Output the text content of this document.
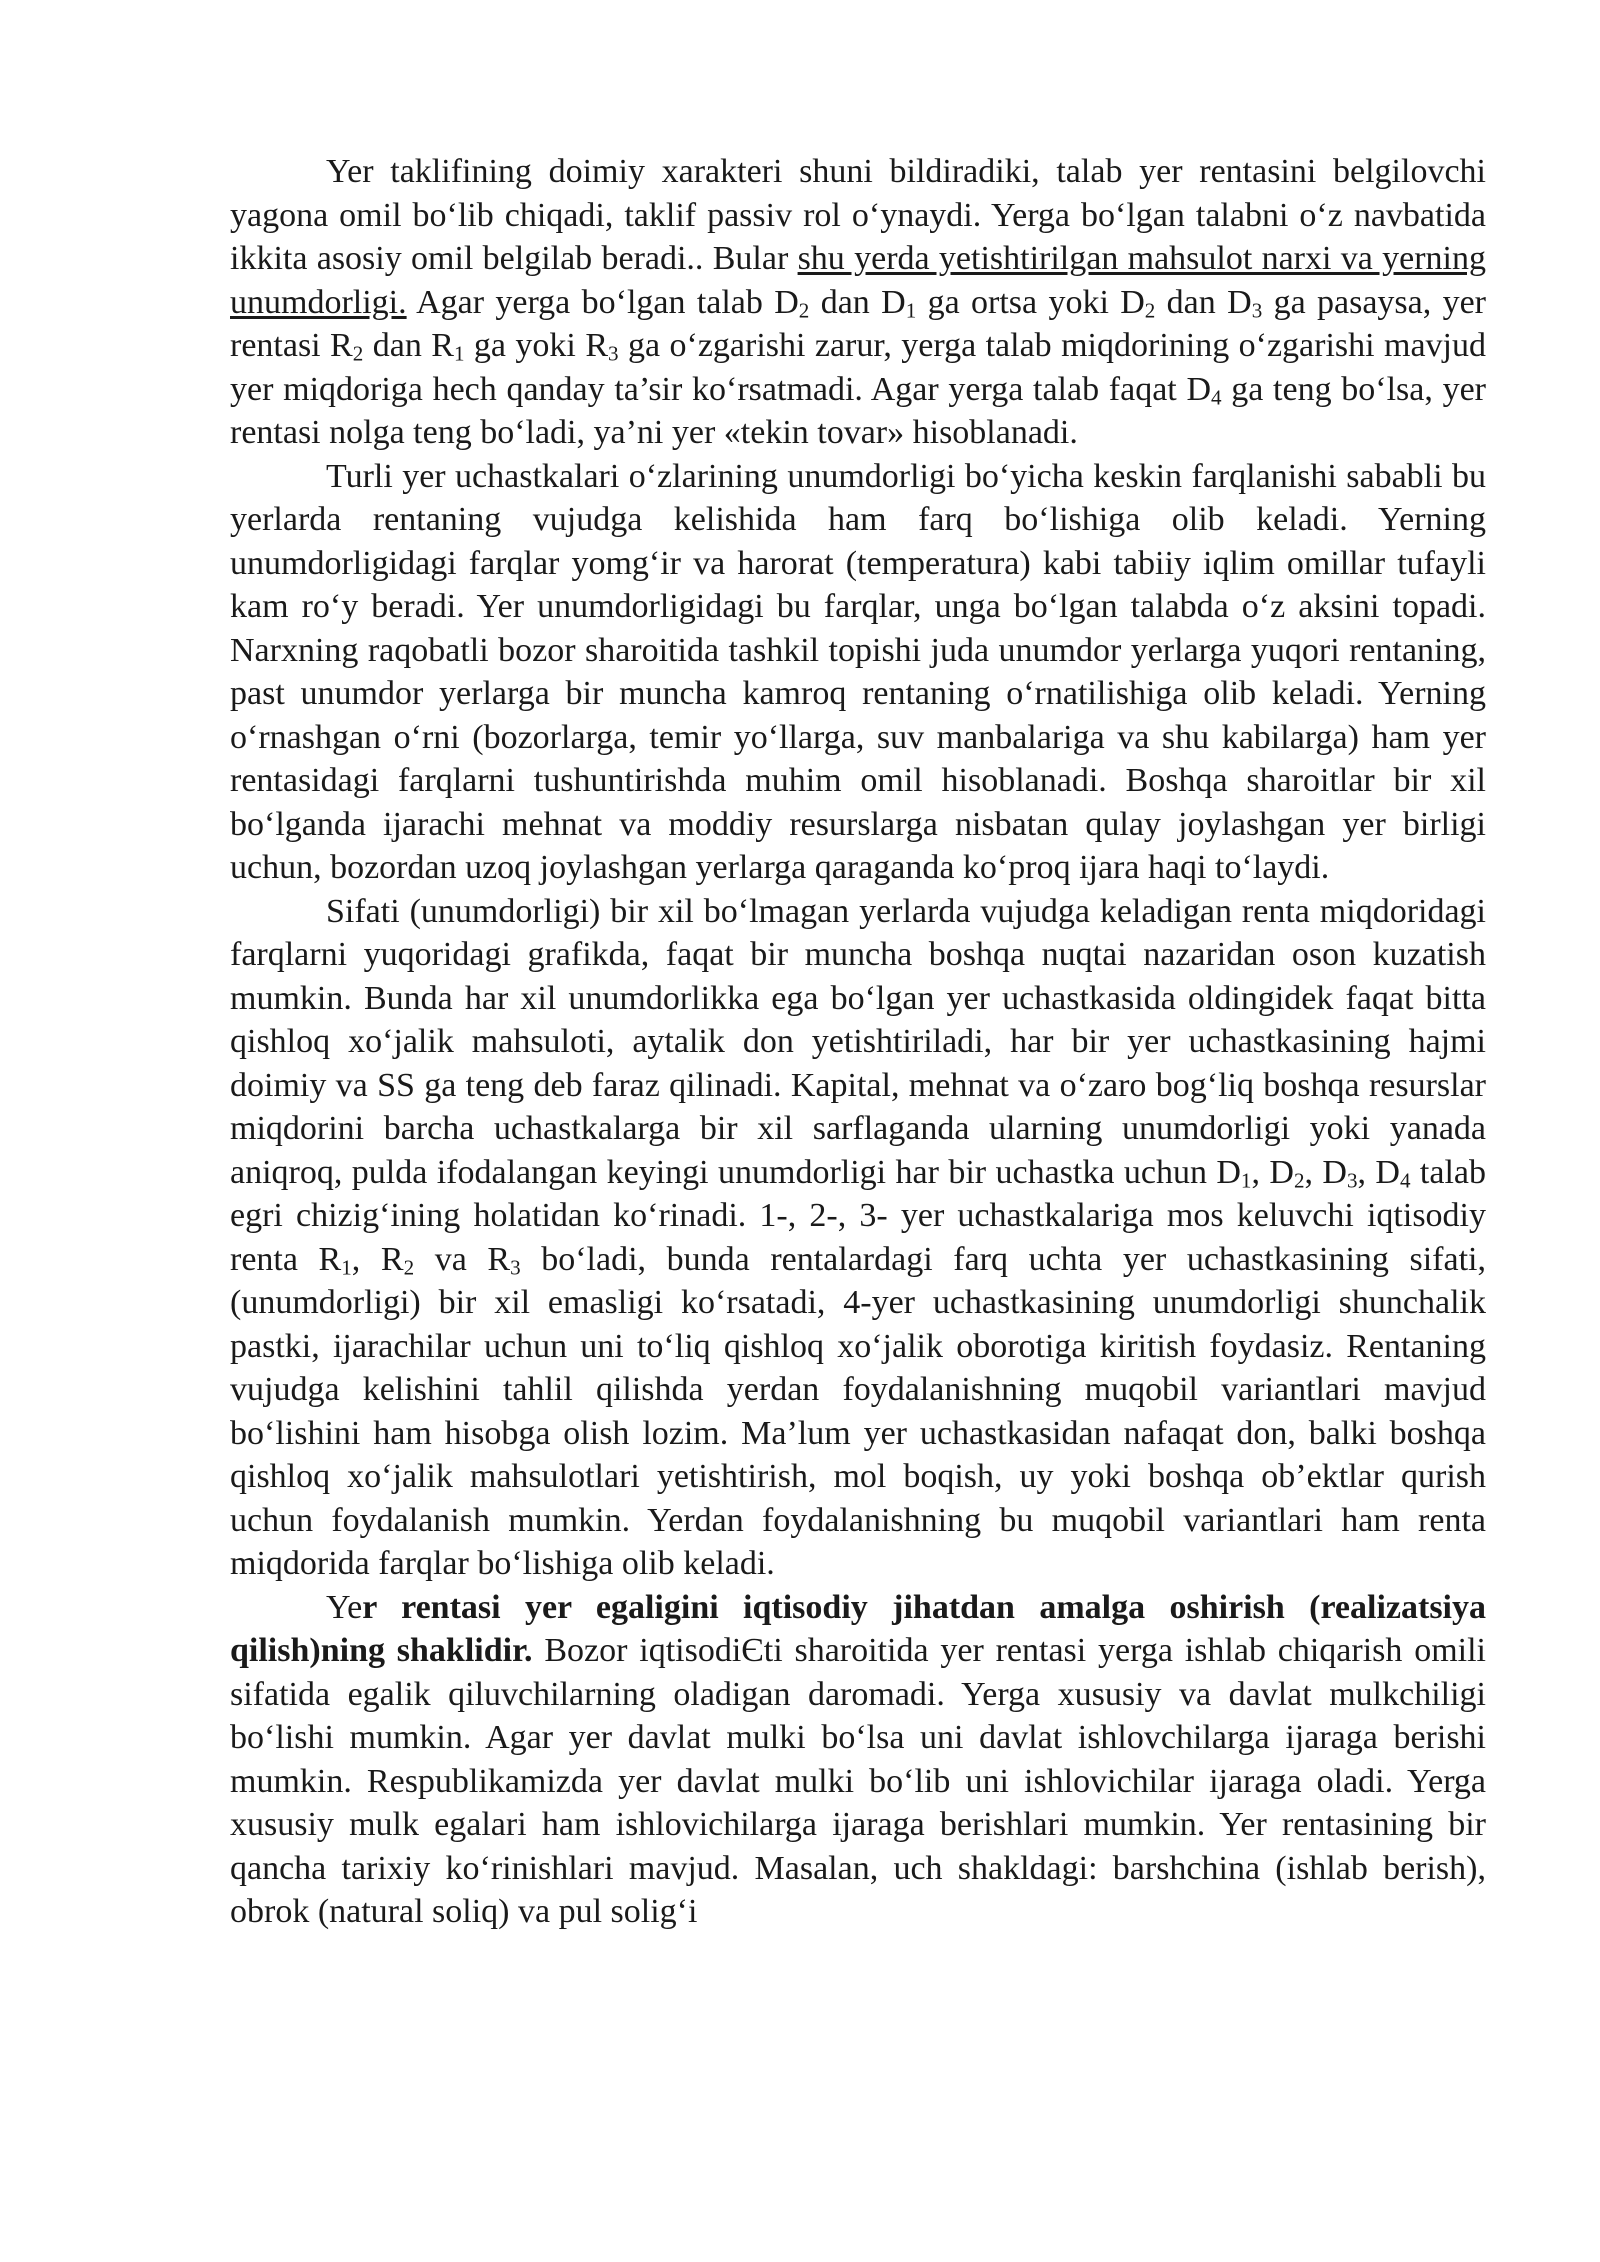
Yer taklifining doimiy xarakteri shuni bildiradiki, talab yer rentasini belgilovchi yagona omil boʻlib chiqadi, taklif passiv rol oʻynaydi. Yerga boʻlgan talabni oʻz navbatida ikkita asosiy omil belgilab beradi.. Bular shu yerda yetishtirilgan mahsulot narxi va yerning unumdorligi. Agar yerga boʻlgan talab $D_2$ dan $D_1$ ga ortsa yoki $D_2$ dan $D_3$ ga pasaysa, yer rentasi $R_2$ dan $R_1$ ga yoki $R_3$ ga oʻzgarishi zarur, yerga talab miqdorining oʻzgarishi mavjud yer miqdoriga hech qanday ta’sir koʻrsatmadi. Agar yerga talab faqat $D_4$ ga teng boʻlsa, yer rentasi nolga teng boʻladi, ya’ni yer «tekin tovar» hisoblanadi.

Turli yer uchastkalari oʻzlarining unumdorligi boʻyicha keskin farqlanishi sababli bu yerlarda rentaning vujudga kelishida ham farq boʻlishiga olib keladi. Yerning unumdorligidagi farqlar yomgʻir va harorat (temperatura) kabi tabiiy iqlim omillar tufayli kam roʻy beradi. Yer unumdorligidagi bu farqlar, unga boʻlgan talabda oʻz aksini topadi. Narxning raqobatli bozor sharoitida tashkil topishi juda unumdor yerlarga yuqori rentaning, past unumdor yerlarga bir muncha kamroq rentaning oʻrnatilishiga olib keladi. Yerning oʻrnashgan oʻrni (bozorlarga, temir yoʻllarga, suv manbalariga va shu kabilarga) ham yer rentasidagi farqlarni tushuntirishda muhim omil hisoblanadi. Boshqa sharoitlar bir xil boʻlganda ijarachi mehnat va moddiy resurslarga nisbatan qulay joylashgan yer birligi uchun, bozordan uzoq joylashgan yerlarga qaraganda koʻproq ijara haqi toʻlaydi.

Sifati (unumdorligi) bir xil boʻlmagan yerlarda vujudga keladigan renta miqdoridagi farqlarni yuqoridagi grafikda, faqat bir muncha boshqa nuqtai nazaridan oson kuzatish mumkin. Bunda har xil unumdorlikka ega boʻlgan yer uchastkasida oldingidek faqat bitta qishloq xoʻjalik mahsuloti, aytalik don yetishtiriladi, har bir yer uchastkasining hajmi doimiy va SS ga teng deb faraz qilinadi. Kapital, mehnat va oʻzaro bogʻliq boshqa resurslar miqdorini barcha uchastkalarga bir xil sarflaganda ularning unumdorligi yoki yanada aniqroq, pulda ifodalangan keyingi unumdorligi har bir uchastka uchun $D_1$, $D_2$, $D_3$, $D_4$ talab egri chizigʻining holatidan koʻrinadi. 1-, 2-, 3- yer uchastkalariga mos keluvchi iqtisodiy renta $R_1$, $R_2$ va $R_3$ boʻladi, bunda rentalardagi farq uchta yer uchastkasining sifati, (unumdorligi) bir xil emasligi koʻrsatadi, 4-yer uchastkasining unumdorligi shunchalik pastki, ijarachilar uchun uni toʻliq qishloq xoʻjalik oborotiga kiritish foydasiz. Rentaning vujudga kelishini tahlil qilishda yerdan foydalanishning muqobil variantlari mavjud boʻlishini ham hisobga olish lozim. Ma’lum yer uchastkasidan nafaqat don, balki boshqa qishloq xoʻjalik mahsulotlari yetishtirish, mol boqish, uy yoki boshqa ob’ektlar qurish uchun foydalanish mumkin. Yerdan foydalanishning bu muqobil variantlari ham renta miqdorida farqlar boʻlishiga olib keladi.

Yer rentasi yer egaligini iqtisodiy jihatdan amalga oshirish (realizatsiya qilish)ning shaklidir. Bozor iqtisodiЄti sharoitida yer rentasi yerga ishlab chiqarish omili sifatida egalik qiluvchilarning oladigan daromadi. Yerga xususiy va davlat mulkchiligi boʻlishi mumkin. Agar yer davlat mulki boʻlsa uni davlat ishlovchilarga ijaraga berishi mumkin. Respublikamizda yer davlat mulki boʻlib uni ishlovichilar ijaraga oladi. Yerga xususiy mulk egalari ham ishlovichilarga ijaraga berishlari mumkin. Yer rentasining bir qancha tarixiy koʻrinishlari mavjud. Masalan, uch shakldagi: barshchina (ishlab berish), obrok (natural soliq) va pul soligʻi
